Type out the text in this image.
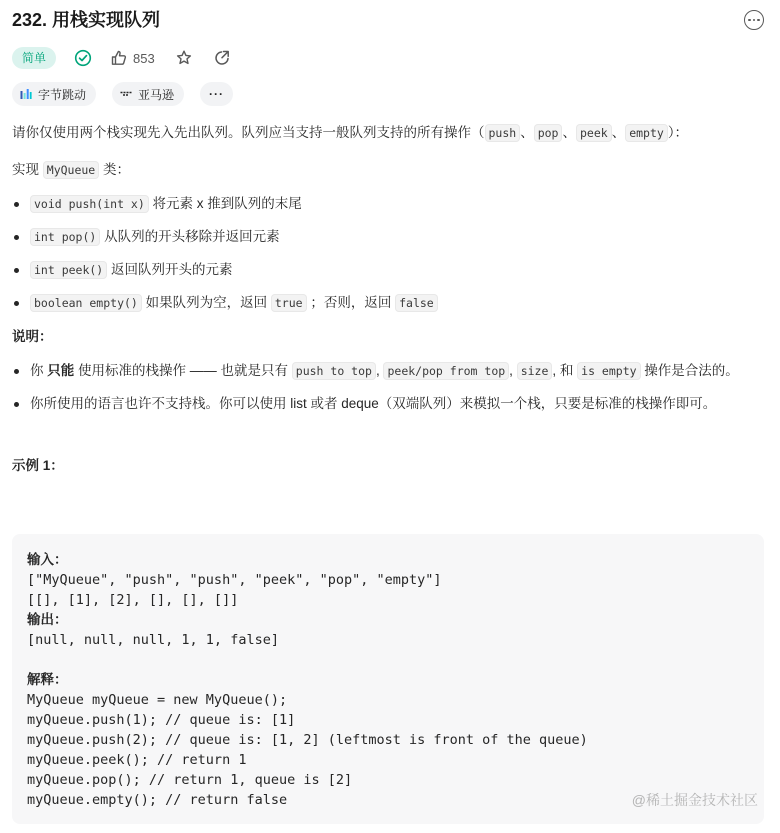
232. 用栈实现队列
简单	853
字节跳动	亚马逊	···

请你仅使用两个栈实现先入先出队列。队列应当支持一般队列支持的所有操作（ push 、 pop 、 peek 、 empty ）：

实现 MyQueue 类：

void push(int x) 将元素 x 推到队列的末尾
int pop() 从队列的开头移除并返回元素
int peek() 返回队列开头的元素
boolean empty() 如果队列为空，返回 true ；否则，返回 false

说明：

你 只能 使用标准的栈操作 —— 也就是只有 push to top , peek/pop from top , size , 和 is empty 操作是合法的。
你所使用的语言也许不支持栈。你可以使用 list 或者 deque（双端队列）来模拟一个栈，只要是标准的栈操作即可。

示例 1：

输入：
["MyQueue", "push", "push", "peek", "pop", "empty"]
[[], [1], [2], [], [], []]
输出：
[null, null, null, 1, 1, false]

解释：
MyQueue myQueue = new MyQueue();
myQueue.push(1); // queue is: [1]
myQueue.push(2); // queue is: [1, 2] (leftmost is front of the queue)
myQueue.peek(); // return 1
myQueue.pop(); // return 1, queue is [2]
myQueue.empty(); // return false	@稀土掘金技术社区
